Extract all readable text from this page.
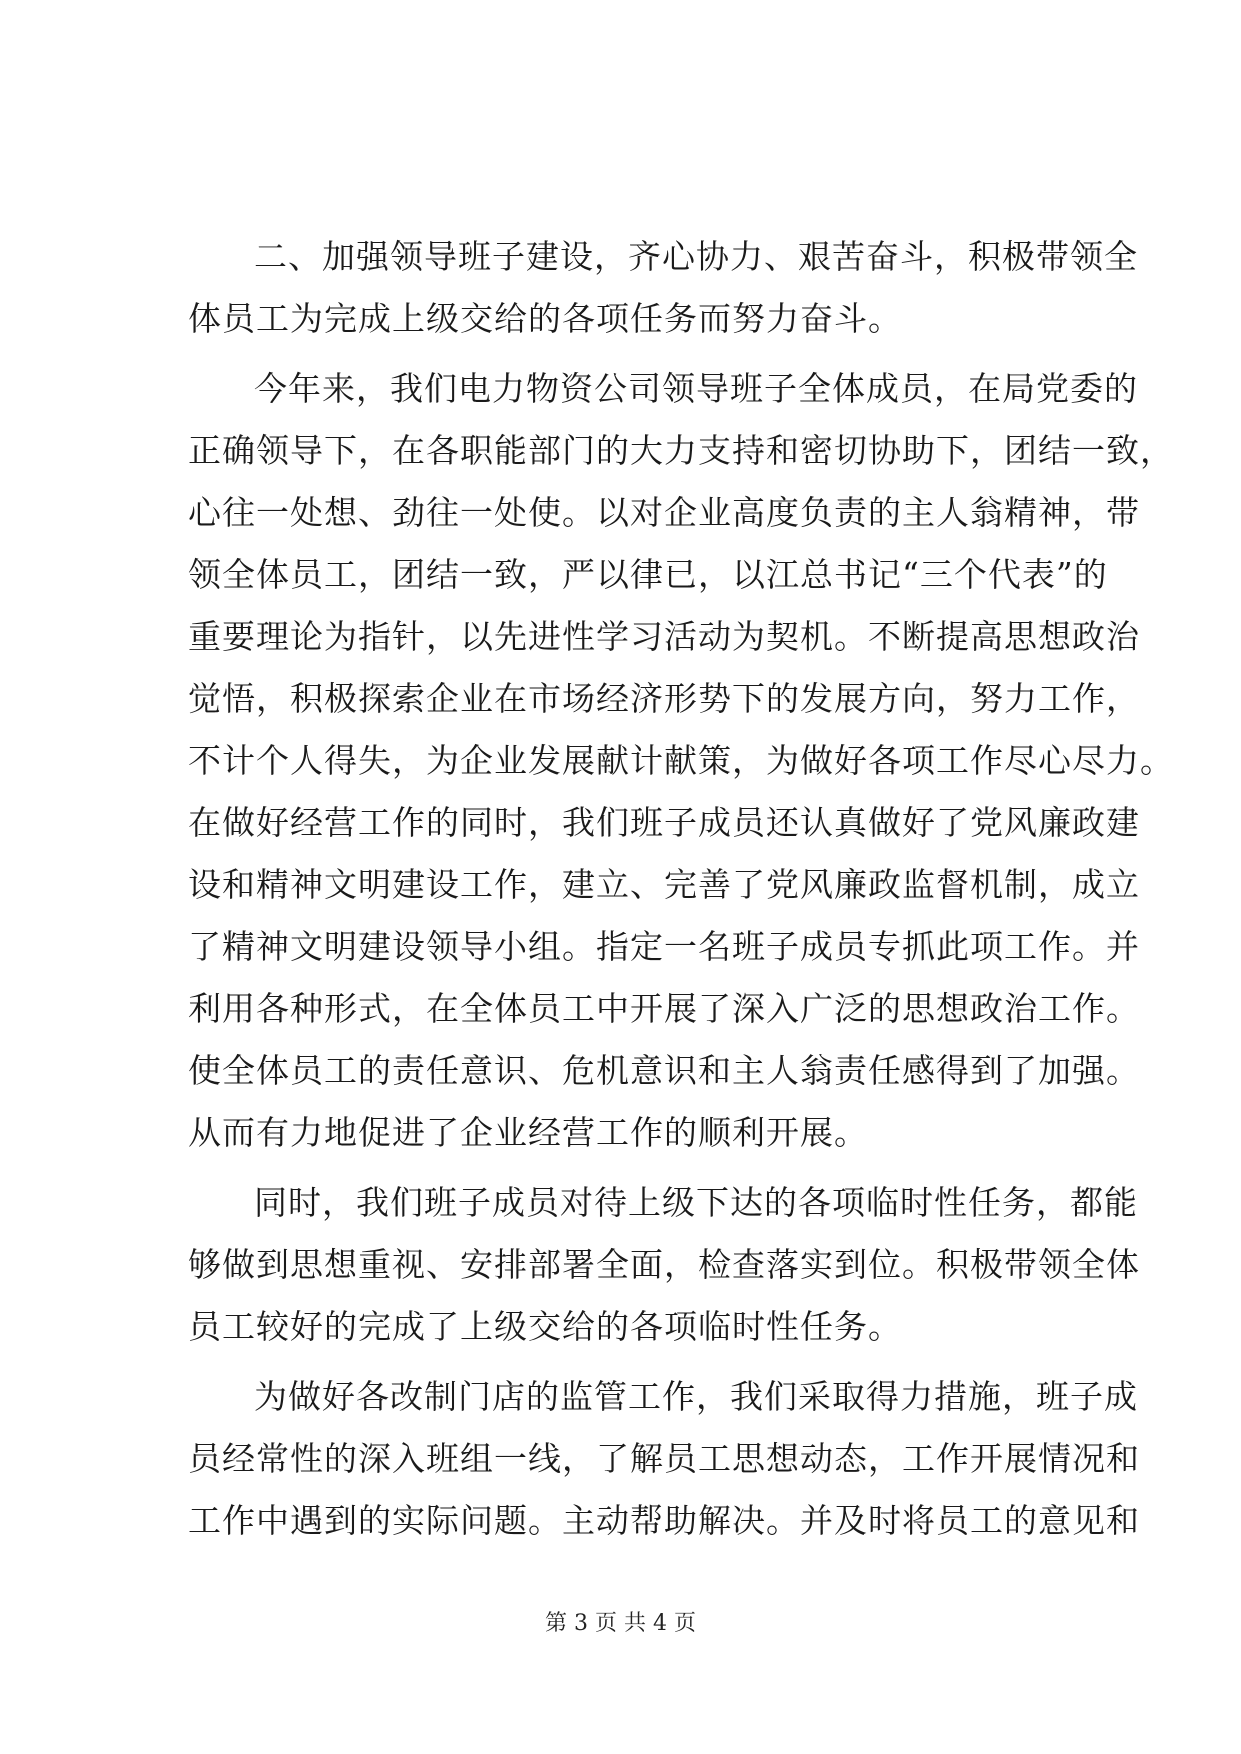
二、加强领导班子建设，齐心协力、艰苦奋斗，积极带领全
体员工为完成上级交给的各项任务而努力奋斗。
今年来，我们电力物资公司领导班子全体成员，在局党委的
正确领导下，在各职能部门的大力支持和密切协助下，团结一致，
心往一处想、劲往一处使。以对企业高度负责的主人翁精神，带
领全体员工，团结一致，严以律已，以江总书记“三个代表”的
重要理论为指针，以先进性学习活动为契机。不断提高思想政治
觉悟，积极探索企业在市场经济形势下的发展方向，努力工作，
不计个人得失，为企业发展献计献策，为做好各项工作尽心尽力。
在做好经营工作的同时，我们班子成员还认真做好了党风廉政建
设和精神文明建设工作，建立、完善了党风廉政监督机制，成立
了精神文明建设领导小组。指定一名班子成员专抓此项工作。并
利用各种形式，在全体员工中开展了深入广泛的思想政治工作。
使全体员工的责任意识、危机意识和主人翁责任感得到了加强。
从而有力地促进了企业经营工作的顺利开展。
同时，我们班子成员对待上级下达的各项临时性任务，都能
够做到思想重视、安排部署全面，检查落实到位。积极带领全体
员工较好的完成了上级交给的各项临时性任务。
为做好各改制门店的监管工作，我们采取得力措施，班子成
员经常性的深入班组一线，了解员工思想动态，工作开展情况和
工作中遇到的实际问题。主动帮助解决。并及时将员工的意见和
第 3 页 共 4 页
